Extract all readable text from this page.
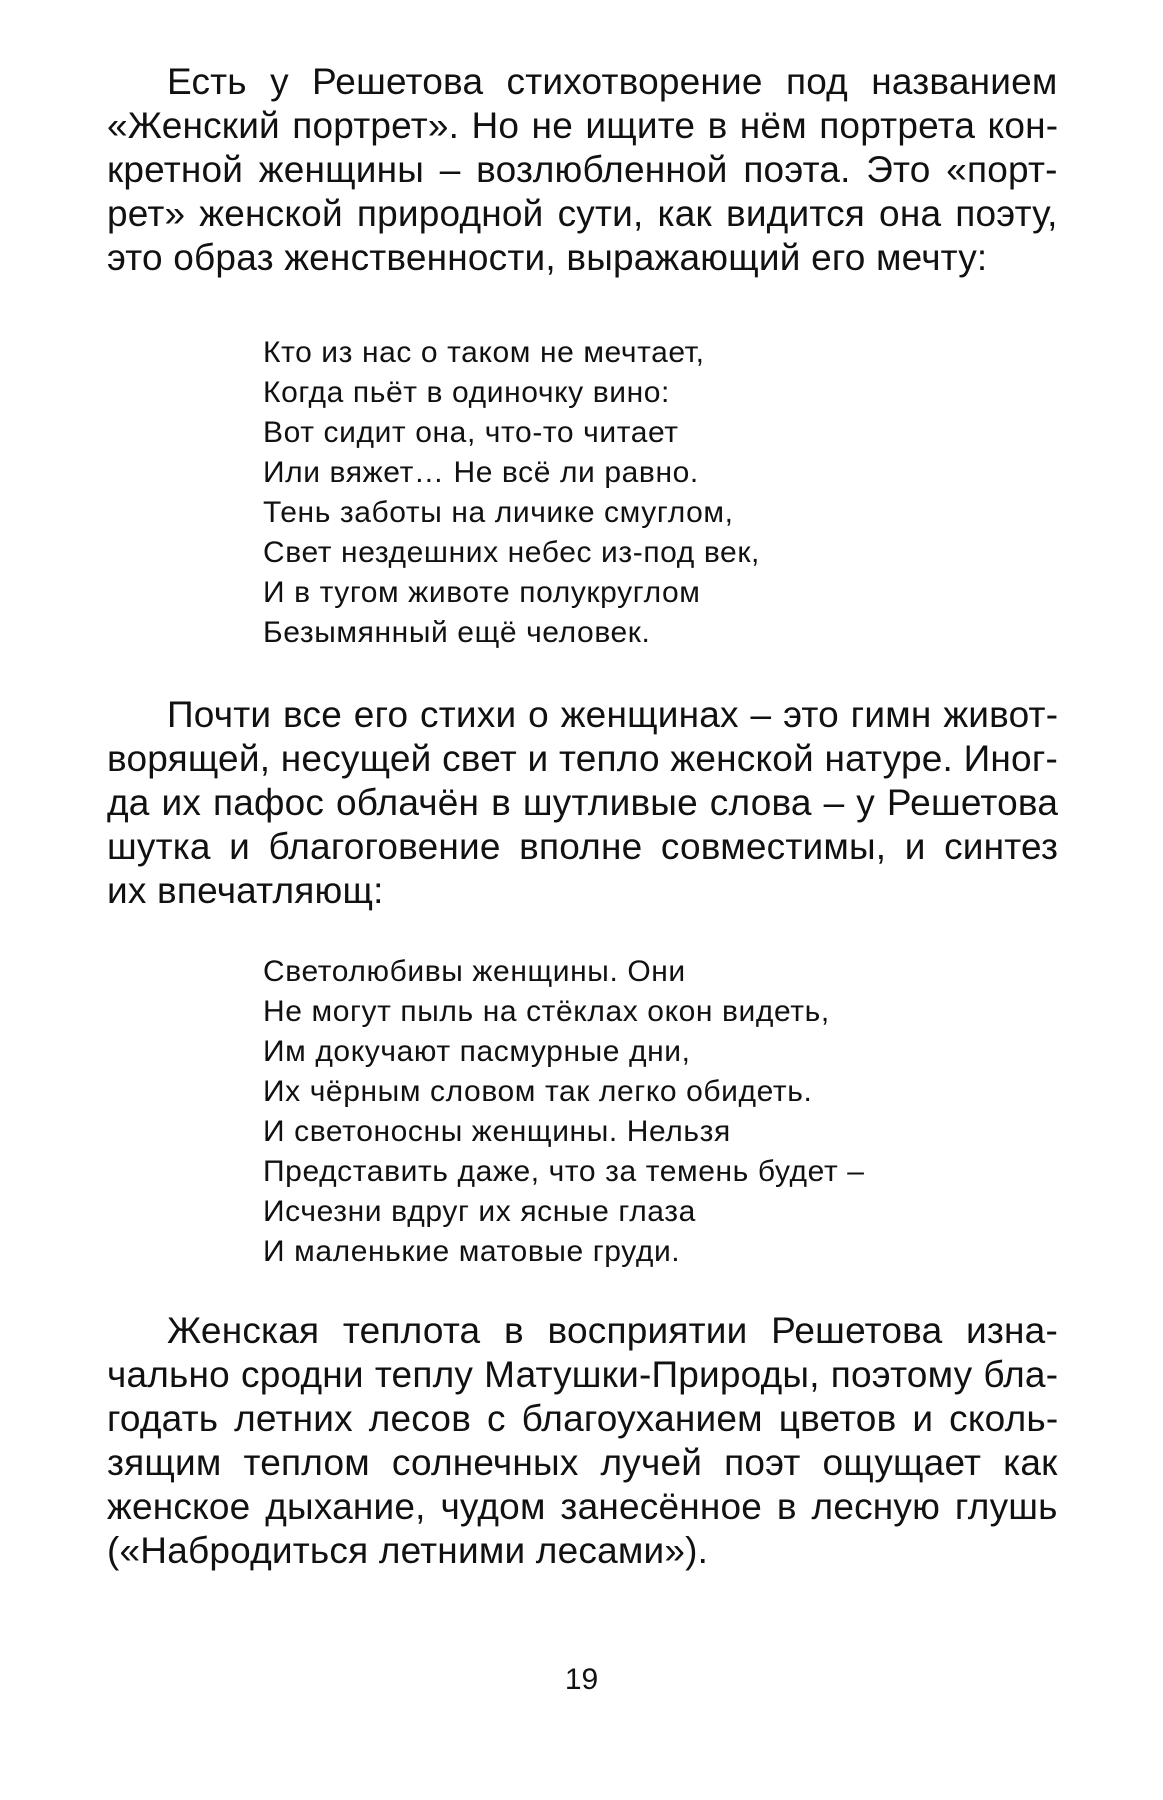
Есть у Решетова стихотворение под названием
«Женский портрет». Но не ищите в нём портрета кон-
кретной женщины – возлюбленной поэта. Это «порт-
рет» женской природной сути, как видится она поэту,
это образ женственности, выражающий его мечту:
Кто из нас о таком не мечтает,
Когда пьёт в одиночку вино:
Вот сидит она, что-то читает
Или вяжет… Не всё ли равно.
Тень заботы на личике смуглом,
Свет нездешних небес из-под век,
И в тугом животе полукруглом
Безымянный ещё человек.
Почти все его стихи о женщинах – это гимн живот-
ворящей, несущей свет и тепло женской натуре. Иног-
да их пафос облачён в шутливые слова – у Решетова
шутка и благоговение вполне совместимы, и синтез
их впечатляющ:
Светолюбивы женщины. Они
Не могут пыль на стёклах окон видеть,
Им докучают пасмурные дни,
Их чёрным словом так легко обидеть.
И светоносны женщины. Нельзя
Представить даже, что за темень будет –
Исчезни вдруг их ясные глаза
И маленькие матовые груди.
Женская теплота в восприятии Решетова изна-
чально сродни теплу Матушки-Природы, поэтому бла-
годать летних лесов с благоуханием цветов и сколь-
зящим теплом солнечных лучей поэт ощущает как
женское дыхание, чудом занесённое в лесную глушь
(«Набродиться летними лесами»).
19
